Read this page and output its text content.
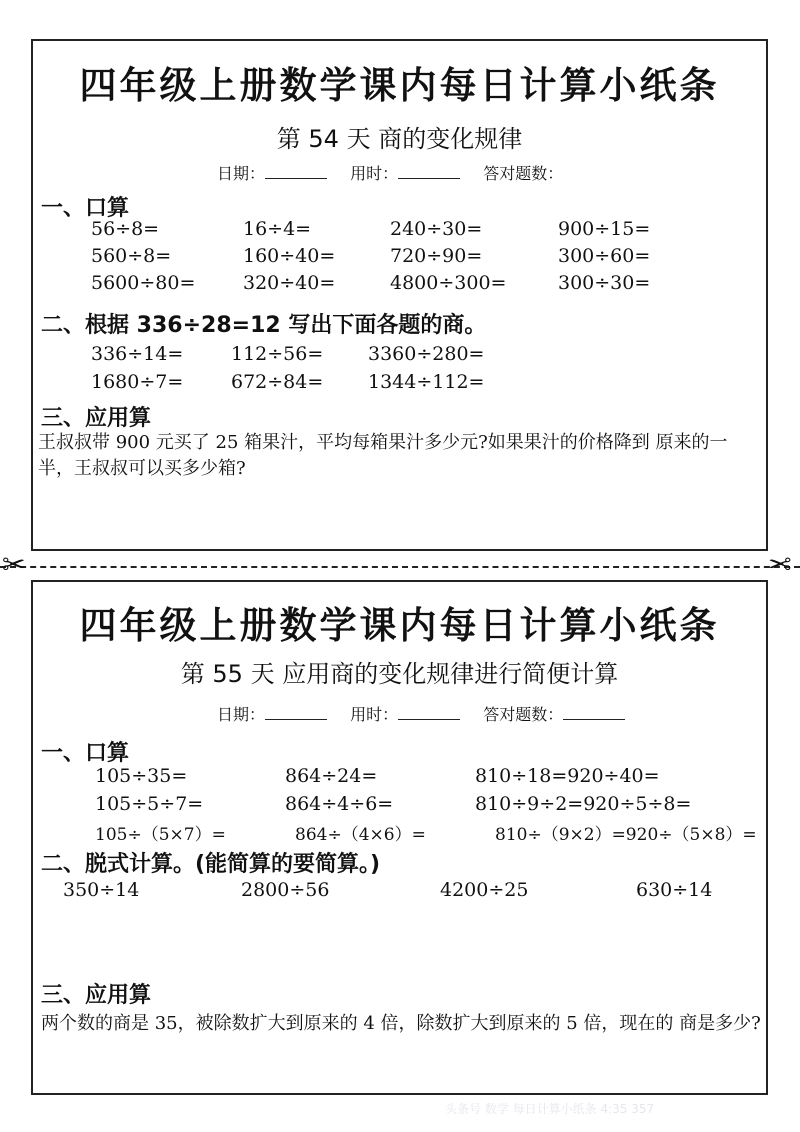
四年级上册数学课内每日计算小纸条
第 54 天 商的变化规律
日期：	用时：	答对题数：
一、口算
56÷8=	16÷4=	240÷30=	900÷15=
560÷8=	160÷40=	720÷90=	300÷60=
5600÷80=	320÷40=	4800÷300=	300÷30=
二、根据 336÷28=12 写出下面各题的商。
336÷14=	112÷56= 3360÷280=
1680÷7=	672÷84= 1344÷112=
三、应用算
王叔叔带 900 元买了 25 箱果汁，平均每箱果汁多少元?如果果汁的价格降到 原来的一半，王叔叔可以买多少箱?
✂	✂
四年级上册数学课内每日计算小纸条
第 55 天 应用商的变化规律进行简便计算
日期：	用时：	答对题数：
一、口算
105÷35=	864÷24=	810÷18=920÷40=
105÷5÷7=	864÷4÷6=	810÷9÷2=920÷5÷8=
105÷（5×7）=	864÷（4×6）=	810÷（9×2）=920÷（5×8）=
二、脱式计算。(能简算的要简算。)
350÷14	2800÷56	4200÷25	630÷14
三、应用算
两个数的商是 35，被除数扩大到原来的 4 倍，除数扩大到原来的 5 倍，现在的 商是多少?
头条号 数学 每日计算小纸条 4:35 357
